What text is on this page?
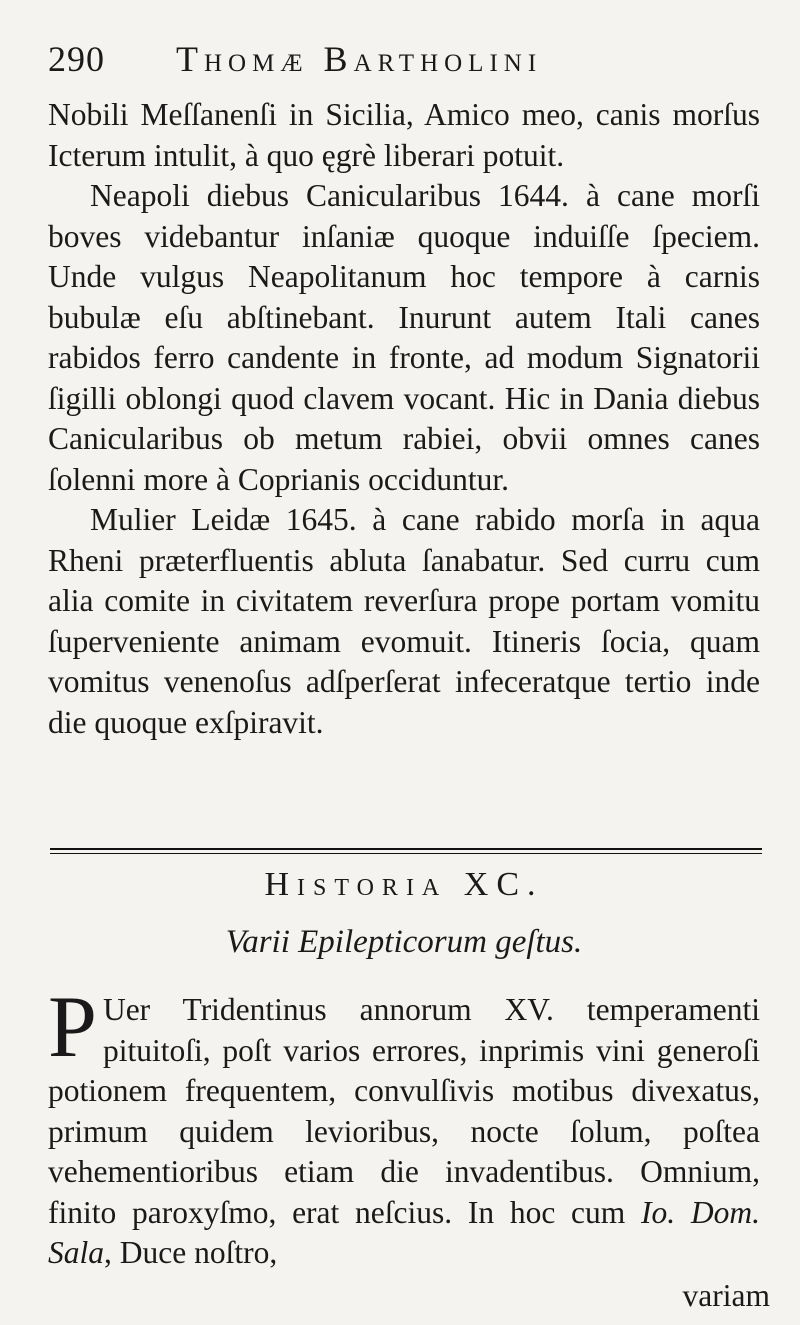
290 Thomæ Bartholini

Nobili Meſſanenſi in Sicilia, Amico meo, canis morſus Icterum intulit, à quo ęgrè liberari potuit.

Neapoli diebus Canicularibus 1644. à cane morſi boves videbantur inſaniæ quoque induiſſe ſpeciem. Unde vulgus Neapolitanum hoc tempore à carnis bubulæ eſu abſtinebant. Inurunt autem Itali canes rabidos ferro candente in fronte, ad modum Signatorii ſigilli oblongi quod clavem vocant. Hic in Dania diebus Canicularibus ob metum rabiei, obvii omnes canes ſolenni more à Coprianis occiduntur.

Mulier Leidæ 1645. à cane rabido morſa in aqua Rheni præterfluentis abluta ſanabatur. Sed curru cum alia comite in civitatem reverſura prope portam vomitu ſuperveniente animam evomuit. Itineris ſocia, quam vomitus venenoſus adſperſerat infeceratque tertio inde die quoque exſpiravit.

Historia XC.
Varii Epilepticorum geſtus.
P Uer Tridentinus annorum XV. temperamenti pituitoſi, poſt varios errores, inprimis vini generoſi potionem frequentem, convulſivis motibus divexatus, primum quidem levioribus, nocte ſolum, poſtea vehementioribus etiam die invadentibus. Omnium, finito paroxyſmo, erat neſcius. In hoc cum Io. Dom. Sala, Duce noſtro,
variam
